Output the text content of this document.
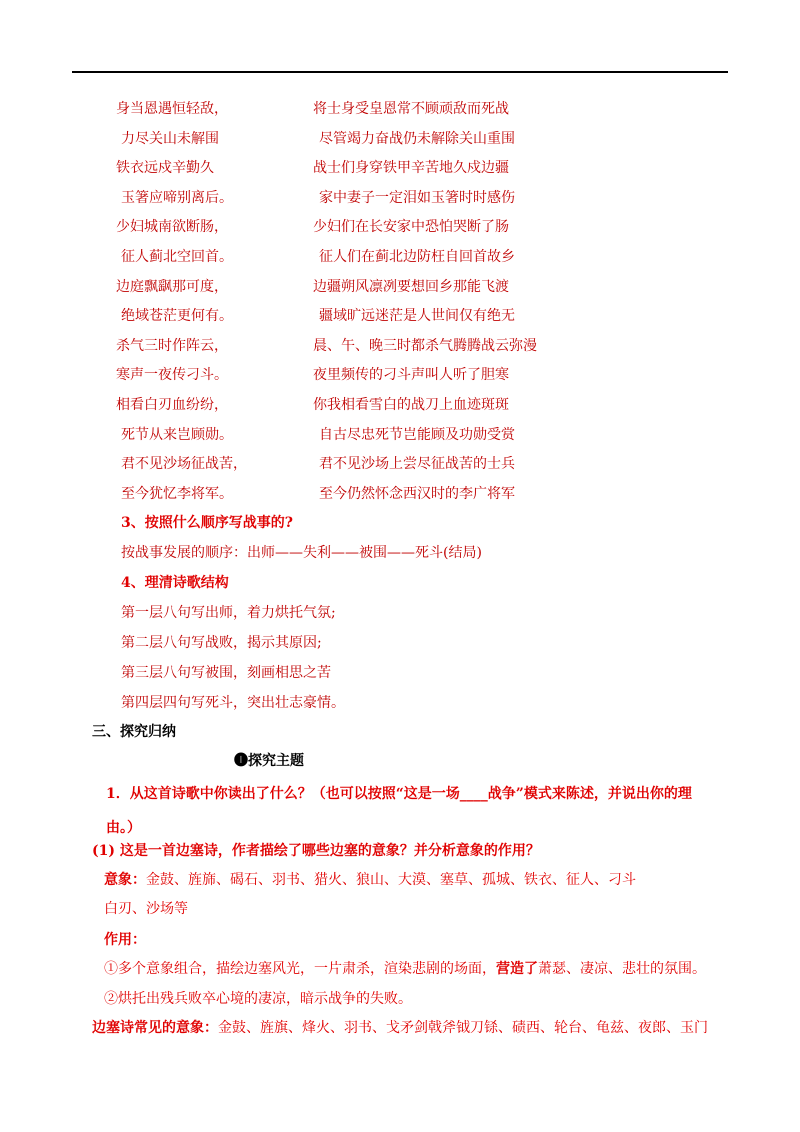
身当恩遇恒轻敌，	将士身受皇恩常不顾顽敌而死战
力尽关山未解围	尽管竭力奋战仍未解除关山重围
铁衣远戍辛勤久	战士们身穿铁甲辛苦地久戍边疆
玉箸应啼别离后。	家中妻子一定泪如玉箸时时感伤
少妇城南欲断肠，	少妇们在长安家中恐怕哭断了肠
征人蓟北空回首。	征人们在蓟北边防枉自回首故乡
边庭飘飖那可度，	边疆朔风凛冽要想回乡那能飞渡
绝域苍茫更何有。	疆域旷远迷茫是人世间仅有绝无
杀气三时作阵云，	晨、午、晚三时都杀气腾腾战云弥漫
寒声一夜传刁斗。	夜里频传的刁斗声叫人听了胆寒
相看白刃血纷纷，	你我相看雪白的战刀上血迹斑斑
死节从来岂顾勋。	自古尽忠死节岂能顾及功勋受赏
君不见沙场征战苦，	君不见沙场上尝尽征战苦的士兵
至今犹忆李将军。	至今仍然怀念西汉时的李广将军
3、按照什么顺序写战事的?
按战事发展的顺序：出师——失利——被围——死斗(结局)
4、理清诗歌结构
第一层八句写出师，着力烘托气氛;
第二层八句写战败，揭示其原因;
第三层八句写被围，刻画相思之苦
第四层四句写死斗，突出壮志豪情。
三、探究归纳
❶探究主题
1．从这首诗歌中你读出了什么？（也可以按照“这是一场____战争”模式来陈述，并说出你的理由。）
(1) 这是一首边塞诗，作者描绘了哪些边塞的意象？并分析意象的作用？
意象：金鼓、旌旆、碣石、羽书、猎火、狼山、大漠、塞草、孤城、铁衣、征人、刁斗
白刃、沙场等
作用：
①多个意象组合，描绘边塞风光，一片肃杀，渲染悲剧的场面，营造了萧瑟、凄凉、悲壮的氛围。
②烘托出残兵败卒心境的凄凉，暗示战争的失败。
边塞诗常见的意象：金鼓、旌旗、烽火、羽书、戈矛剑戟斧钺刀铩、碛西、轮台、龟兹、夜郎、玉门
